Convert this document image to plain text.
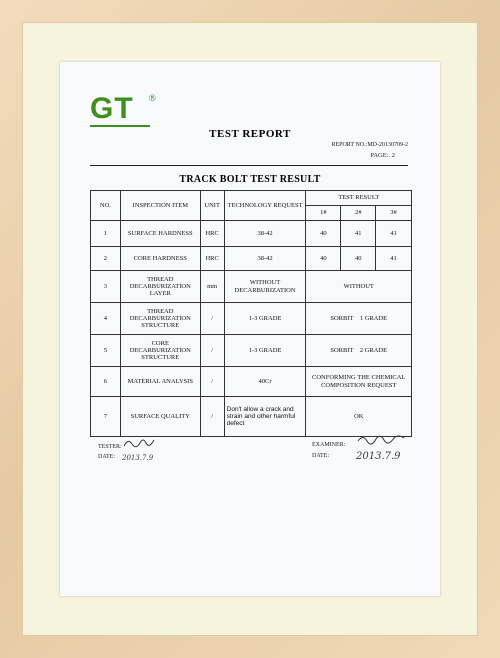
GT ®
TEST REPORT
REPORT NO.:MD-20130709-2
PAGE:. 2
TRACK BOLT TEST RESULT
NO.	INSPECTION ITEM	UNIT	TECHNOLOGY REQUEST	TEST RESULT		
				1#	2#	3#
1	SURFACE HARDNESS	HRC	38-42	40	41	41
2	CORE HARDNESS	HRC	38-42	40	40	41
3	THREAD DECARBURIZATION LAYER	mm	WITHOUT DECARBURIZATION	WITHOUT		
4	THREAD DECARBURIZATION STRUCTURE	/	1-3 GRADE	SORBIT    1 GRADE		
5	CORE DECARBURIZATION STRUCTURE	/	1-3 GRADE	SORBIT    2 GRADE		
6	MATERIAL ANALYSIS	/	40Cr	CONFORMING THE CHEMICAL COMPOSITION REQUEST		
7	SURFACE QUALITY	/	Don't allow a crack and strain and other harmful defect	OK		
TESTER:
DATE: 2013.7.9
EXAMINER:
DATE:	2013.7.9
